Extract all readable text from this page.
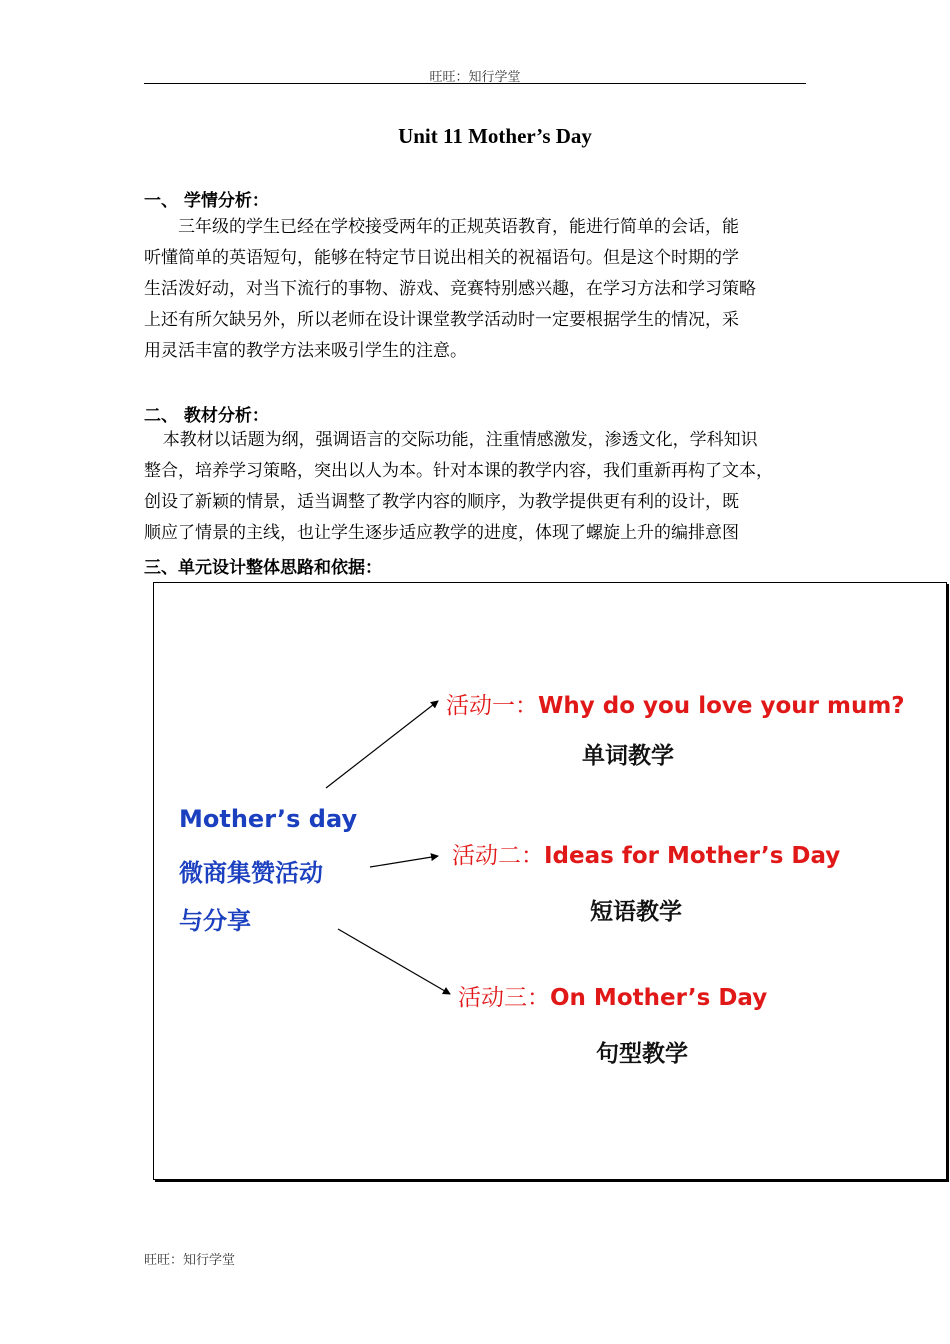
旺旺：知行学堂
Unit 11 Mother’s Day
一、 学情分析：
三年级的学生已经在学校接受两年的正规英语教育，能进行简单的会话，能
听懂简单的英语短句，能够在特定节日说出相关的祝福语句。但是这个时期的学
生活泼好动，对当下流行的事物、游戏、竞赛特别感兴趣，在学习方法和学习策略
上还有所欠缺另外，所以老师在设计课堂教学活动时一定要根据学生的情况，采
用灵活丰富的教学方法来吸引学生的注意。
二、 教材分析：
本教材以话题为纲，强调语言的交际功能，注重情感激发，渗透文化，学科知识
整合，培养学习策略，突出以人为本。针对本课的教学内容，我们重新再构了文本，
创设了新颖的情景，适当调整了教学内容的顺序，为教学提供更有利的设计，既
顺应了情景的主线，也让学生逐步适应教学的进度，体现了螺旋上升的编排意图
三、单元设计整体思路和依据：
Mother’s day
微商集赞活动
与分享
活动一：Why do you love your mum?
单词教学
活动二：Ideas for Mother’s Day
短语教学
活动三：On Mother’s Day
句型教学
旺旺：知行学堂
